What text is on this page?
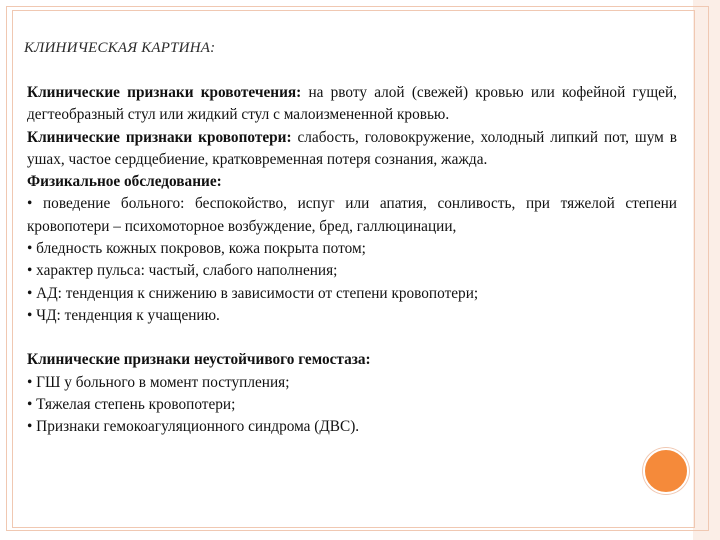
КЛИНИЧЕСКАЯ КАРТИНА:

Клинические признаки кровотечения: на рвоту алой (свежей) кровью или кофейной гущей, дегтеобразный стул или жидкий стул с малоизмененной кровью.

Клинические признаки кровопотери: слабость, головокружение, холодный липкий пот, шум в ушах, частое сердцебиение, кратковременная потеря сознания, жажда.

Физикальное обследование:

• поведение больного: беспокойство, испуг или апатия, сонливость, при тяжелой степени кровопотери – психомоторное возбуждение, бред, галлюцинации,
• бледность кожных покровов, кожа покрыта потом;
• характер пульса: частый, слабого наполнения;
• АД: тенденция к снижению в зависимости от степени кровопотери;
• ЧД: тенденция к учащению.

Клинические признаки неустойчивого гемостаза:

• ГШ у больного в момент поступления;
• Тяжелая степень кровопотери;
• Признаки гемокоагуляционного синдрома (ДВС).
